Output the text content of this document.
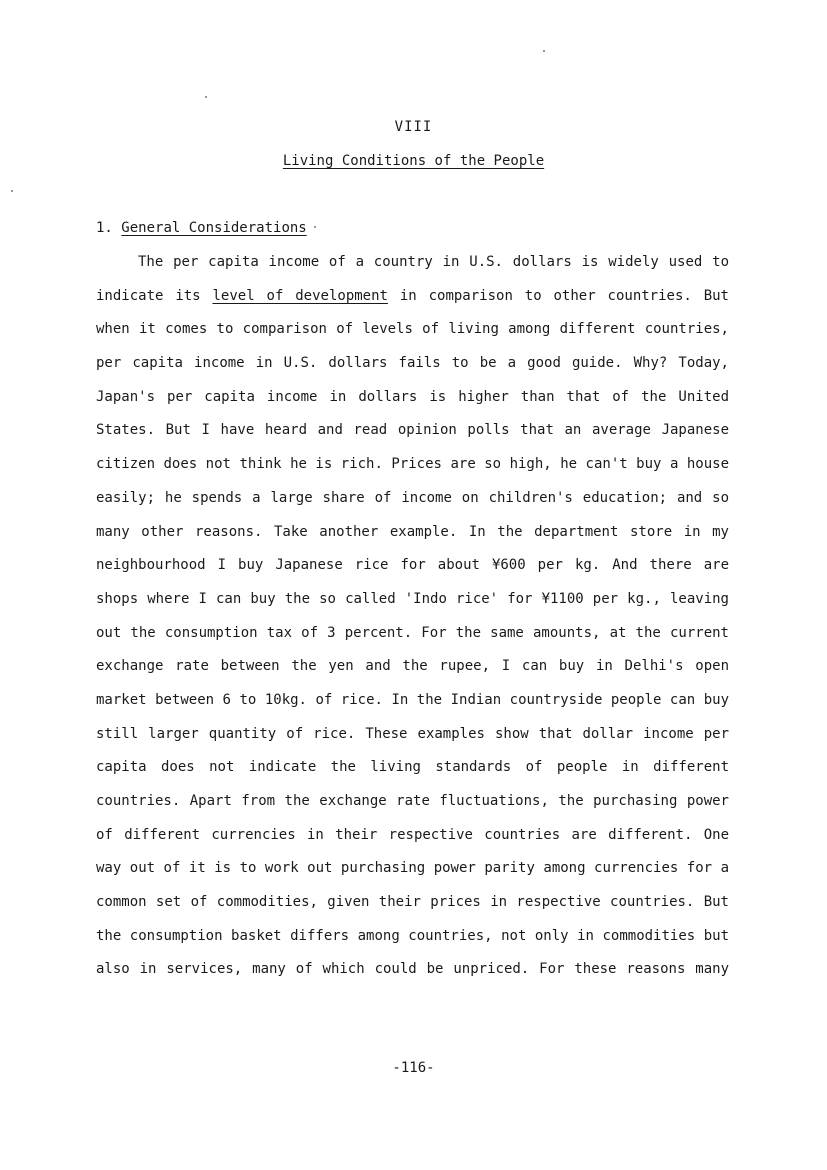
VIII
Living Conditions of the People
1. General Considerations
The per capita income of a country in U.S. dollars is widely used to
indicate its level of development in comparison to other countries. But
when it comes to comparison of levels of living among different countries,
per capita income in U.S. dollars fails to be a good guide. Why? Today,
Japan's per capita income in dollars is higher than that of the United
States. But I have heard and read opinion polls that an average Japanese
citizen does not think he is rich. Prices are so high, he can't buy a house
easily; he spends a large share of income on children's education; and so
many other reasons. Take another example. In the department store in my
neighbourhood I buy Japanese rice for about ¥600 per kg. And there are
shops where I can buy the so called 'Indo rice' for ¥1100 per kg., leaving
out the consumption tax of 3 percent. For the same amounts, at the current
exchange rate between the yen and the rupee, I can buy in Delhi's open
market between 6 to 10kg. of rice. In the Indian countryside people can buy
still larger quantity of rice. These examples show that dollar income per
capita does not indicate the living standards of people in different
countries. Apart from the exchange rate fluctuations, the purchasing power
of different currencies in their respective countries are different. One
way out of it is to work out purchasing power parity among currencies for a
common set of commodities, given their prices in respective countries. But
the consumption basket differs among countries, not only in commodities but
also in services, many of which could be unpriced. For these reasons many
-116-
